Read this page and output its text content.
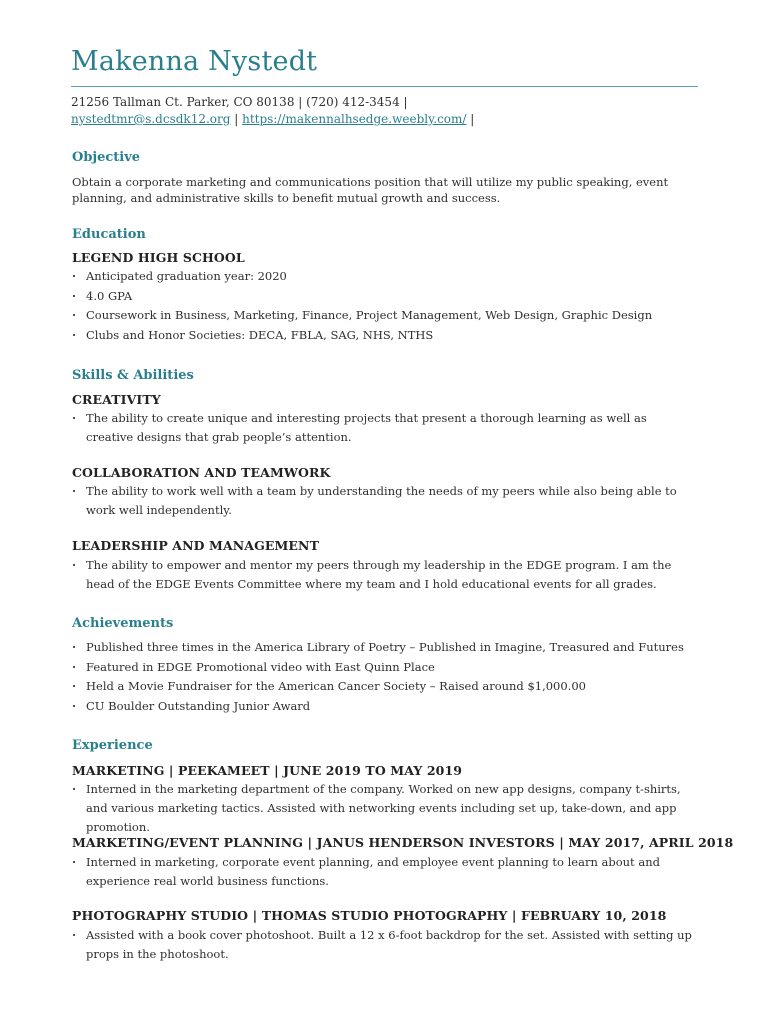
Makenna Nystedt
21256 Tallman Ct. Parker, CO 80138 | (720) 412-3454 |
nystedtmr@s.dcsdk12.org | https://makennalhsedge.weebly.com/ |
Objective
Obtain a corporate marketing and communications position that will utilize my public speaking, event planning, and administrative skills to benefit mutual growth and success.
Education
LEGEND HIGH SCHOOL
· Anticipated graduation year: 2020
· 4.0 GPA
· Coursework in Business, Marketing, Finance, Project Management, Web Design, Graphic Design
· Clubs and Honor Societies: DECA, FBLA, SAG, NHS, NTHS
Skills & Abilities
CREATIVITY
· The ability to create unique and interesting projects that present a thorough learning as well as creative designs that grab people’s attention.
COLLABORATION AND TEAMWORK
· The ability to work well with a team by understanding the needs of my peers while also being able to work well independently.
LEADERSHIP AND MANAGEMENT
· The ability to empower and mentor my peers through my leadership in the EDGE program. I am the head of the EDGE Events Committee where my team and I hold educational events for all grades.
Achievements
· Published three times in the America Library of Poetry – Published in Imagine, Treasured and Futures
· Featured in EDGE Promotional video with East Quinn Place
· Held a Movie Fundraiser for the American Cancer Society – Raised around $1,000.00
· CU Boulder Outstanding Junior Award
Experience
MARKETING | PEEKAMEET | JUNE 2019 TO MAY 2019
· Interned in the marketing department of the company. Worked on new app designs, company t-shirts, and various marketing tactics. Assisted with networking events including set up, take-down, and app promotion.
MARKETING/EVENT PLANNING | JANUS HENDERSON INVESTORS | MAY 2017, APRIL 2018
· Interned in marketing, corporate event planning, and employee event planning to learn about and experience real world business functions.
PHOTOGRAPHY STUDIO | THOMAS STUDIO PHOTOGRAPHY | FEBRUARY 10, 2018
· Assisted with a book cover photoshoot. Built a 12 x 6-foot backdrop for the set. Assisted with setting up props in the photoshoot.
